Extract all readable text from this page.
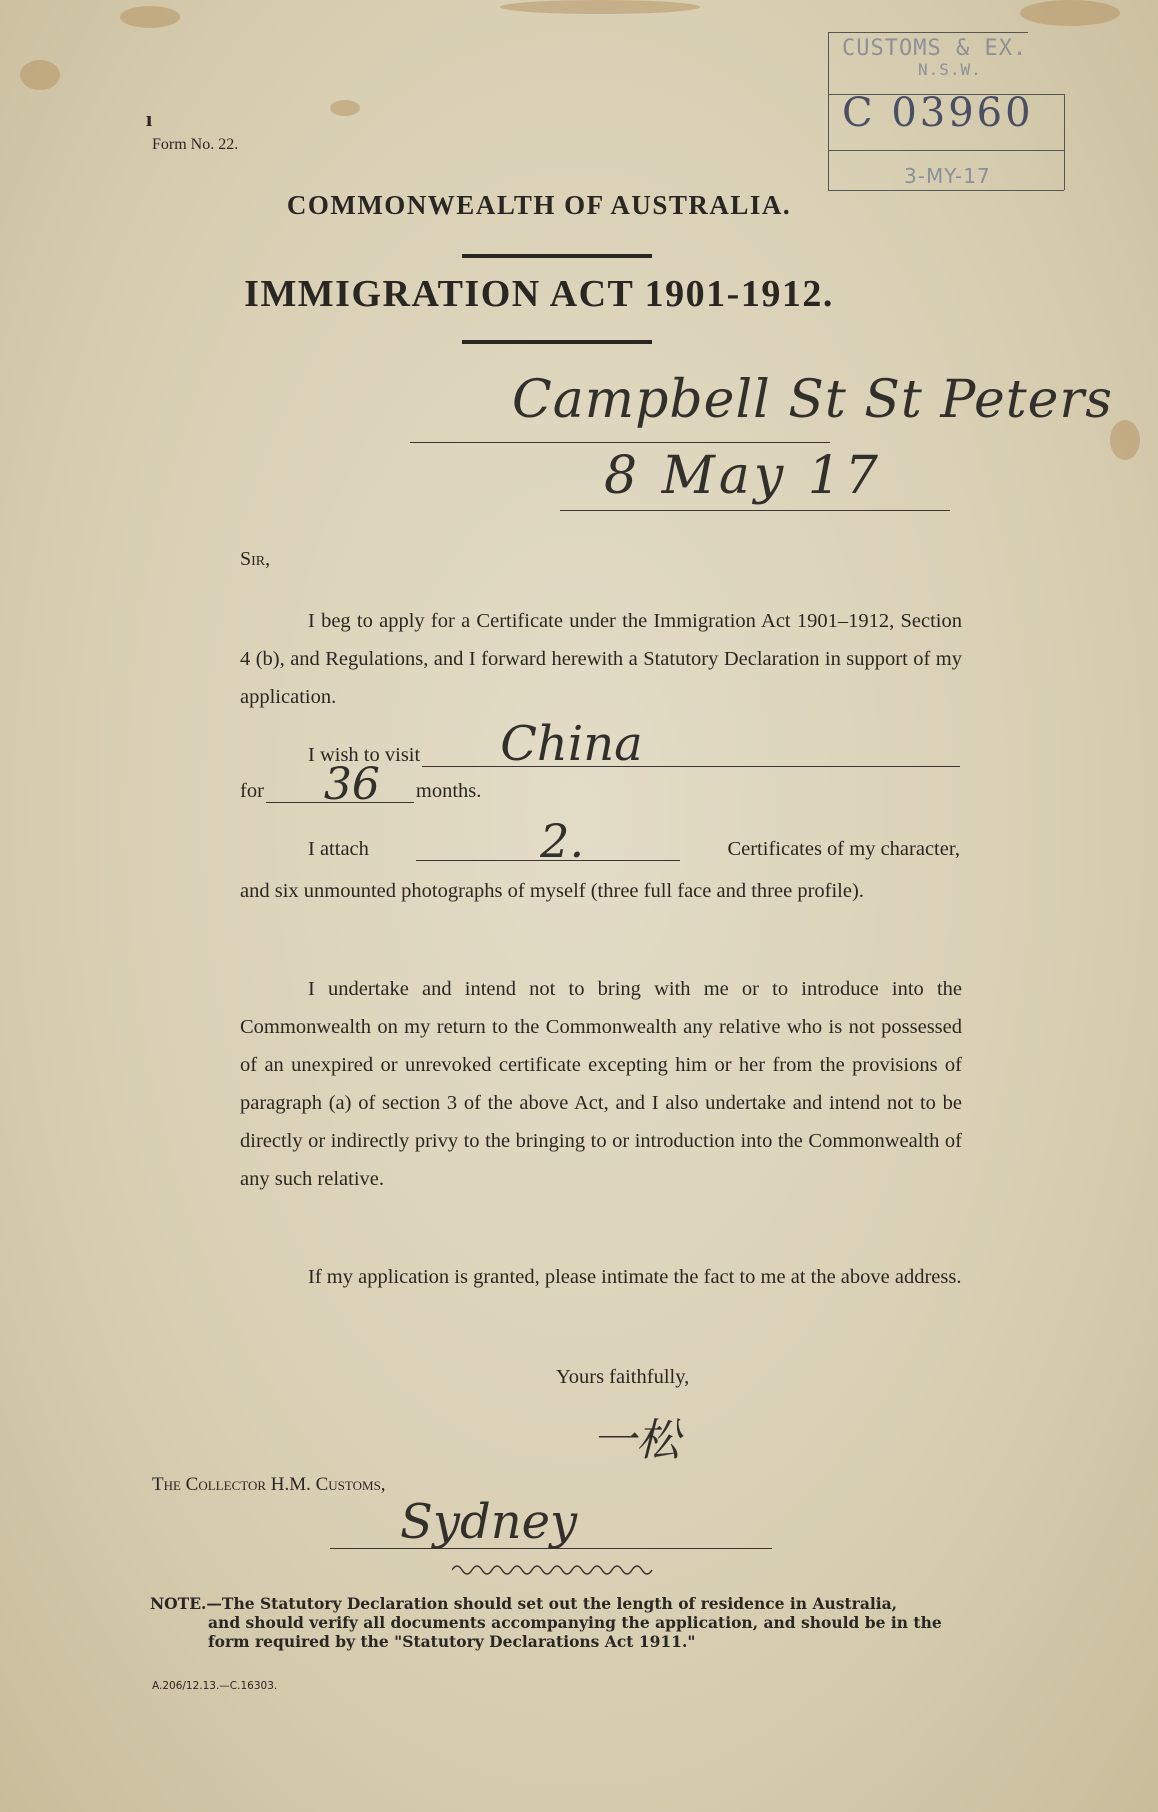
ı
Form No. 22.
CUSTOMS & EX.
N.S.W.
C 03960
3-MY-17
COMMONWEALTH OF AUSTRALIA.
IMMIGRATION ACT 1901-1912.
Campbell St St Peters
8 May 17
Sir,

I beg to apply for a Certificate under the Immigration Act 1901–1912, Section 4 (b), and Regulations, and I forward herewith a Statutory Declaration in support of my application.

I wish to visit China
for 36 months.
I attach	2.	Certificates of my character,

and six unmounted photographs of myself (three full face and three profile).

I undertake and intend not to bring with me or to introduce into the Commonwealth on my return to the Commonwealth any relative who is not possessed of an unexpired or unrevoked certificate excepting him or her from the provisions of paragraph (a) of section 3 of the above Act, and I also undertake and intend not to be directly or indirectly privy to the bringing to or introduction into the Commonwealth of any such relative.

If my application is granted, please intimate the fact to me at the above address.

Yours faithfully,
一松
The Collector H.M. Customs,
Sydney
NOTE.—The Statutory Declaration should set out the length of residence in Australia,
and should verify all documents accompanying the application, and should be in the form required by the "Statutory Declarations Act 1911."
A.206/12.13.—C.16303.
